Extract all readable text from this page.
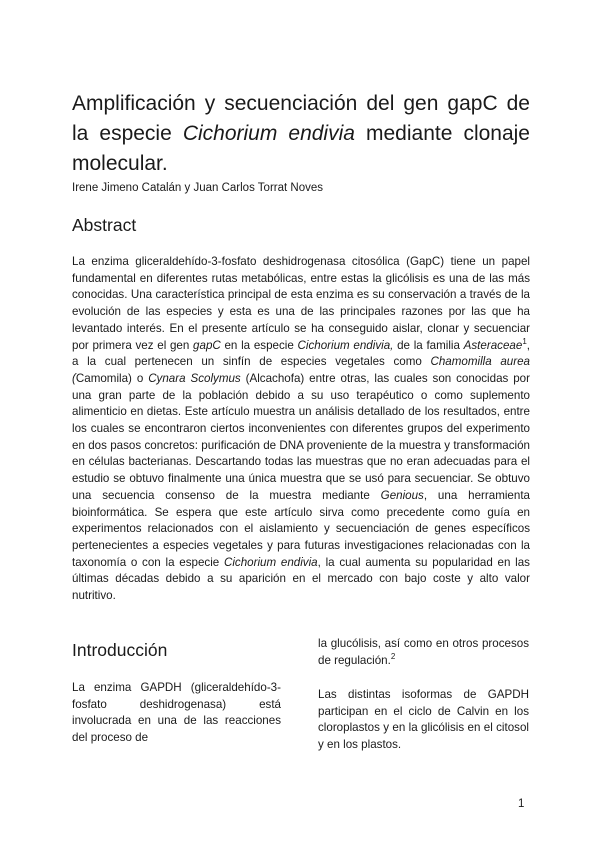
Amplificación y secuenciación del gen gapC de la especie Cichorium endivia mediante clonaje molecular.

Irene Jimeno Catalán y Juan Carlos Torrat Noves

Abstract

La enzima gliceraldehído-3-fosfato deshidrogenasa citosólica (GapC) tiene un papel fundamental en diferentes rutas metabólicas, entre estas la glicólisis es una de las más conocidas. Una característica principal de esta enzima es su conservación a través de la evolución de las especies y esta es una de las principales razones por las que ha levantado interés. En el presente artículo se ha conseguido aislar, clonar y secuenciar por primera vez el gen gapC en la especie Cichorium endivia, de la familia Asteraceae$^1$, a la cual pertenecen un sinfín de especies vegetales como Chamomilla aurea (Camomila) o Cynara Scolymus (Alcachofa) entre otras, las cuales son conocidas por una gran parte de la población debido a su uso terapéutico o como suplemento alimenticio en dietas. Este artículo muestra un análisis detallado de los resultados, entre los cuales se encontraron ciertos inconvenientes con diferentes grupos del experimento en dos pasos concretos: purificación de DNA proveniente de la muestra y transformación en células bacterianas. Descartando todas las muestras que no eran adecuadas para el estudio se obtuvo finalmente una única muestra que se usó para secuenciar. Se obtuvo una secuencia consenso de la muestra mediante Genious, una herramienta bioinformática. Se espera que este artículo sirva como precedente como guía en experimentos relacionados con el aislamiento y secuenciación de genes específicos pertenecientes a especies vegetales y para futuras investigaciones relacionadas con la taxonomía o con la especie Cichorium endivia, la cual aumenta su popularidad en las últimas décadas debido a su aparición en el mercado con bajo coste y alto valor nutritivo.

Introducción

La enzima GAPDH (gliceraldehído-3-fosfato deshidrogenasa) está involucrada en una de las reacciones del proceso de

la glucólisis, así como en otros procesos de regulación.$^2$

Las distintas isoformas de GAPDH participan en el ciclo de Calvin en los cloroplastos y en la glicólisis en el citosol y en los plastos.

1
